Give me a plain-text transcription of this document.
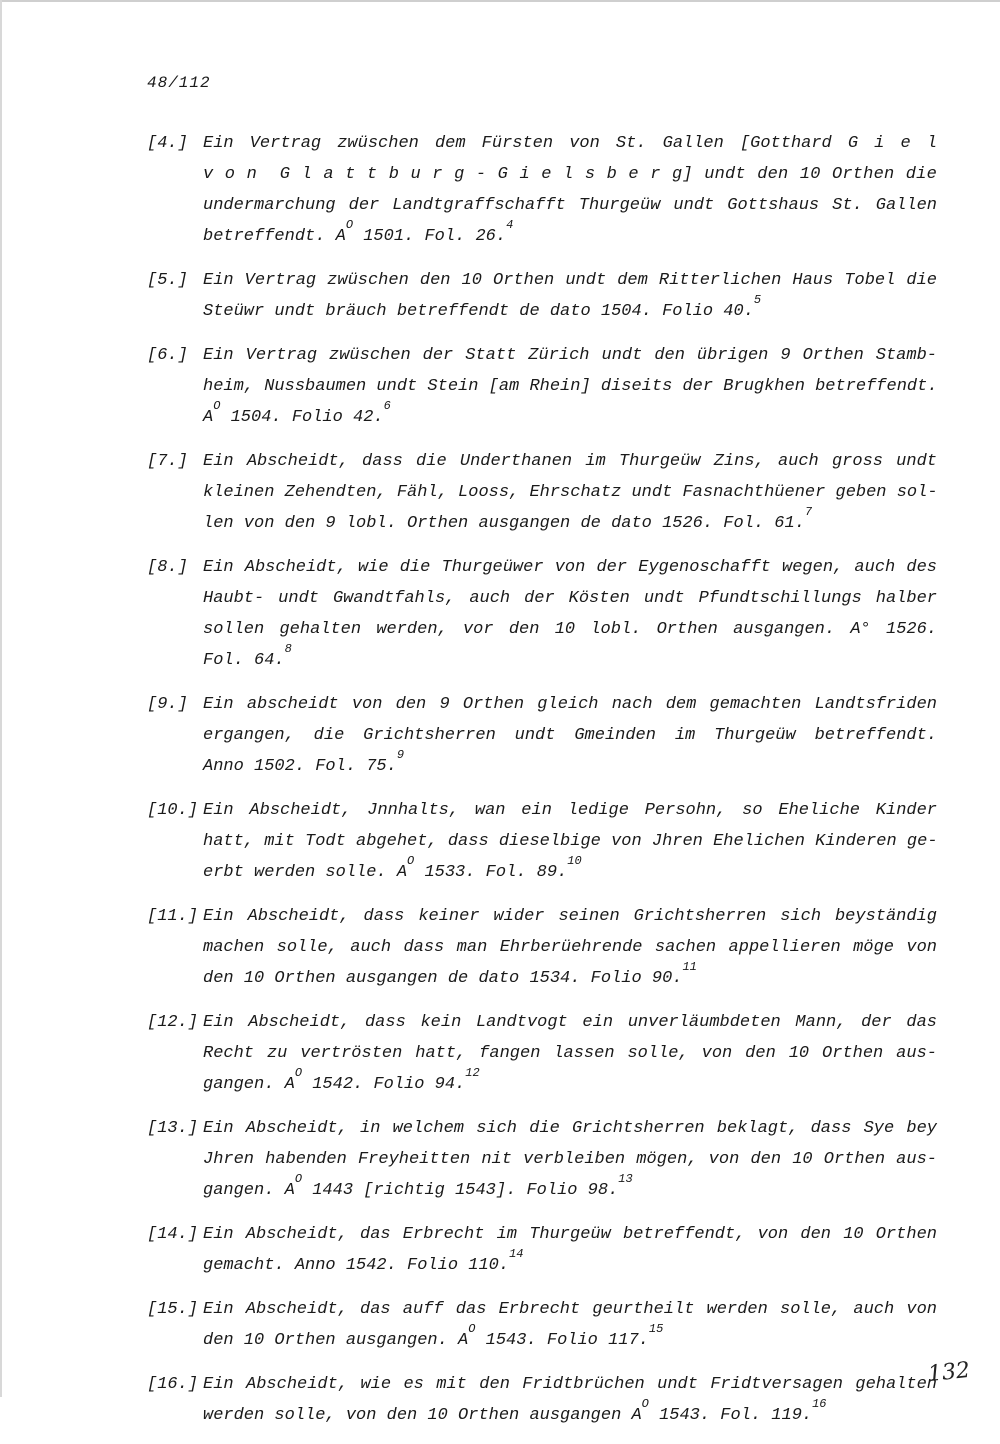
48/112
[4.] Ein Vertrag zwüschen dem Fürsten von St. Gallen [Gotthard G i e l
v o n  G l a t t b u r g - G i e l s b e r g] undt den 10 Orthen die
undermarchung der Landtgraffschafft Thurgeüw undt Gottshaus St. Gallen
betreffendt. $A^O$ 1501. Fol. 26.$^4$
[5.] Ein Vertrag zwüschen den 10 Orthen undt dem Ritterlichen Haus Tobel die
Steüwr undt bräuch betreffendt de dato 1504. Folio 40.$^5$
[6.] Ein Vertrag zwüschen der Statt Zürich undt den übrigen 9 Orthen Stamb-
heim, Nussbaumen undt Stein [am Rhein] diseits der Brugkhen betreffendt.
$A^O$ 1504. Folio 42.$^6$
[7.] Ein Abscheidt, dass die Underthanen im Thurgeüw Zins, auch gross undt
kleinen Zehendten, Fähl, Looss, Ehrschatz undt Fasnachthüener geben sol-
len von den 9 lobl. Orthen ausgangen de dato 1526. Fol. 61.$^7$
[8.] Ein Abscheidt, wie die Thurgeüwer von der Eygenoschafft wegen, auch des
Haubt- undt Gwandtfahls, auch der Kösten undt Pfundtschillungs halber
sollen gehalten werden, vor den 10 lobl. Orthen ausgangen. A° 1526.
Fol. 64.$^8$
[9.] Ein abscheidt von den 9 Orthen gleich nach dem gemachten Landtsfriden
ergangen, die Grichtsherren undt Gmeinden im Thurgeüw betreffendt.
Anno 1502. Fol. 75.$^9$
[10.] Ein Abscheidt, Jnnhalts, wan ein ledige Persohn, so Eheliche Kinder
hatt, mit Todt abgehet, dass dieselbige von Jhren Ehelichen Kinderen ge-
erbt werden solle. $A^O$ 1533. Fol. 89.10
[11.] Ein Abscheidt, dass keiner wider seinen Grichtsherren sich beyständig
machen solle, auch dass man Ehrberüehrende sachen appellieren möge von
den 10 Orthen ausgangen de dato 1534. Folio 90.11
[12.] Ein Abscheidt, dass kein Landtvogt ein unverläumbdeten Mann, der das
Recht zu vertrösten hatt, fangen lassen solle, von den 10 Orthen aus-
gangen. $A^O$ 1542. Folio 94.12
[13.] Ein Abscheidt, in welchem sich die Grichtsherren beklagt, dass Sye bey
Jhren habenden Freyheitten nit verbleiben mögen, von den 10 Orthen aus-
gangen. $A^O$ 1443 [richtig 1543]. Folio 98.13
[14.] Ein Abscheidt, das Erbrecht im Thurgeüw betreffendt, von den 10 Orthen
gemacht. Anno 1542. Folio 110.14
[15.] Ein Abscheidt, das auff das Erbrecht geurtheilt werden solle, auch von
den 10 Orthen ausgangen. $A^O$ 1543. Folio 117.15
[16.] Ein Abscheidt, wie es mit den Fridtbrüchen undt Fridtversagen gehalten
werden solle, von den 10 Orthen ausgangen $A^O$ 1543. Fol. 119.16
132
